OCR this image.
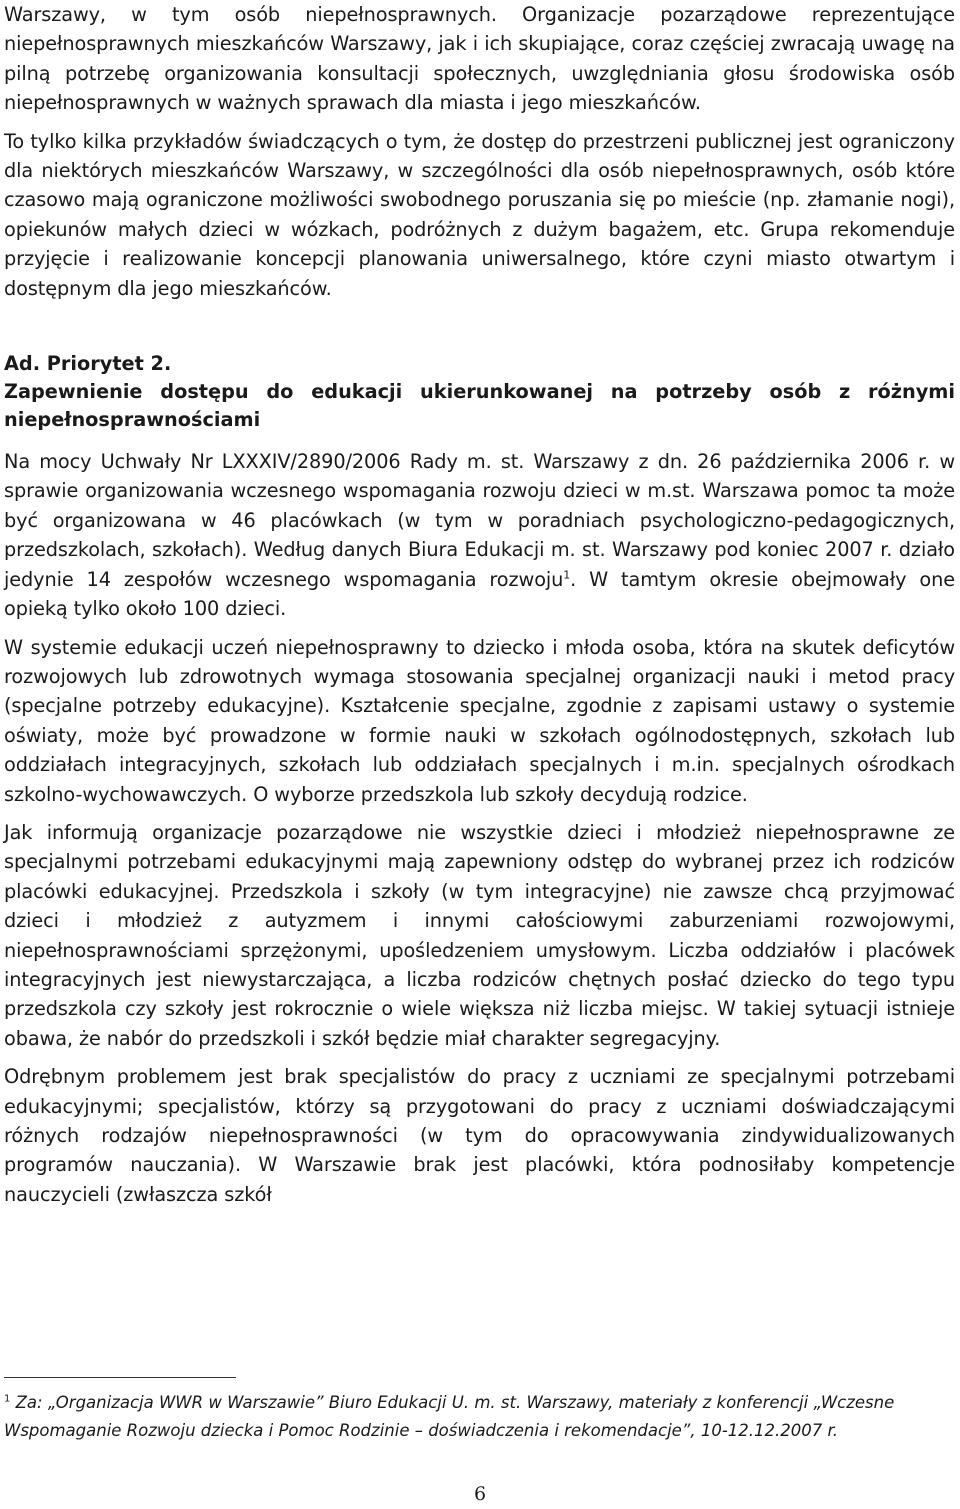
Warszawy, w tym osób niepełnosprawnych. Organizacje pozarządowe reprezentujące niepełnosprawnych mieszkańców Warszawy, jak i ich skupiające, coraz częściej zwracają uwagę na pilną potrzebę organizowania konsultacji społecznych, uwzględniania głosu środowiska osób niepełnosprawnych w ważnych sprawach dla miasta i jego mieszkańców.

To tylko kilka przykładów świadczących o tym, że dostęp do przestrzeni publicznej jest ograniczony dla niektórych mieszkańców Warszawy, w szczególności dla osób niepełnosprawnych, osób które czasowo mają ograniczone możliwości swobodnego poruszania się po mieście (np. złamanie nogi), opiekunów małych dzieci w wózkach, podróżnych z dużym bagażem, etc. Grupa rekomenduje przyjęcie i realizowanie koncepcji planowania uniwersalnego, które czyni miasto otwartym i dostępnym dla jego mieszkańców.

Ad. Priorytet 2.

Zapewnienie dostępu do edukacji ukierunkowanej na potrzeby osób z różnymi niepełnosprawnościami

Na mocy Uchwały Nr LXXXIV/2890/2006 Rady m. st. Warszawy z dn. 26 października 2006 r. w sprawie organizowania wczesnego wspomagania rozwoju dzieci w m.st. Warszawa pomoc ta może być organizowana w 46 placówkach (w tym w poradniach psychologiczno-pedagogicznych, przedszkolach, szkołach). Według danych Biura Edukacji m. st. Warszawy pod koniec 2007 r. działo jedynie 14 zespołów wczesnego wspomagania rozwoju$^1$. W tamtym okresie obejmowały one opieką tylko około 100 dzieci.

W systemie edukacji uczeń niepełnosprawny to dziecko i młoda osoba, która na skutek deficytów rozwojowych lub zdrowotnych wymaga stosowania specjalnej organizacji nauki i metod pracy (specjalne potrzeby edukacyjne). Kształcenie specjalne, zgodnie z zapisami ustawy o systemie oświaty, może być prowadzone w formie nauki w szkołach ogólnodostępnych, szkołach lub oddziałach integracyjnych, szkołach lub oddziałach specjalnych i m.in. specjalnych ośrodkach szkolno-wychowawczych. O wyborze przedszkola lub szkoły decydują rodzice.

Jak informują organizacje pozarządowe nie wszystkie dzieci i młodzież niepełnosprawne ze specjalnymi potrzebami edukacyjnymi mają zapewniony odstęp do wybranej przez ich rodziców placówki edukacyjnej. Przedszkola i szkoły (w tym integracyjne) nie zawsze chcą przyjmować dzieci i młodzież z autyzmem i innymi całościowymi zaburzeniami rozwojowymi, niepełnosprawnościami sprzężonymi, upośledzeniem umysłowym. Liczba oddziałów i placówek integracyjnych jest niewystarczająca, a liczba rodziców chętnych posłać dziecko do tego typu przedszkola czy szkoły jest rokrocznie o wiele większa niż liczba miejsc. W takiej sytuacji istnieje obawa, że nabór do przedszkoli i szkół będzie miał charakter segregacyjny.

Odrębnym problemem jest brak specjalistów do pracy z uczniami ze specjalnymi potrzebami edukacyjnymi; specjalistów, którzy są przygotowani do pracy z uczniami doświadczającymi różnych rodzajów niepełnosprawności (w tym do opracowywania zindywidualizowanych programów nauczania). W Warszawie brak jest placówki, która podnosiłaby kompetencje nauczycieli (zwłaszcza szkół

$^1$ Za: „Organizacja WWR w Warszawie” Biuro Edukacji U. m. st. Warszawy, materiały z konferencji „Wczesne Wspomaganie Rozwoju dziecka i Pomoc Rodzinie – doświadczenia i rekomendacje”, 10-12.12.2007 r.

6
